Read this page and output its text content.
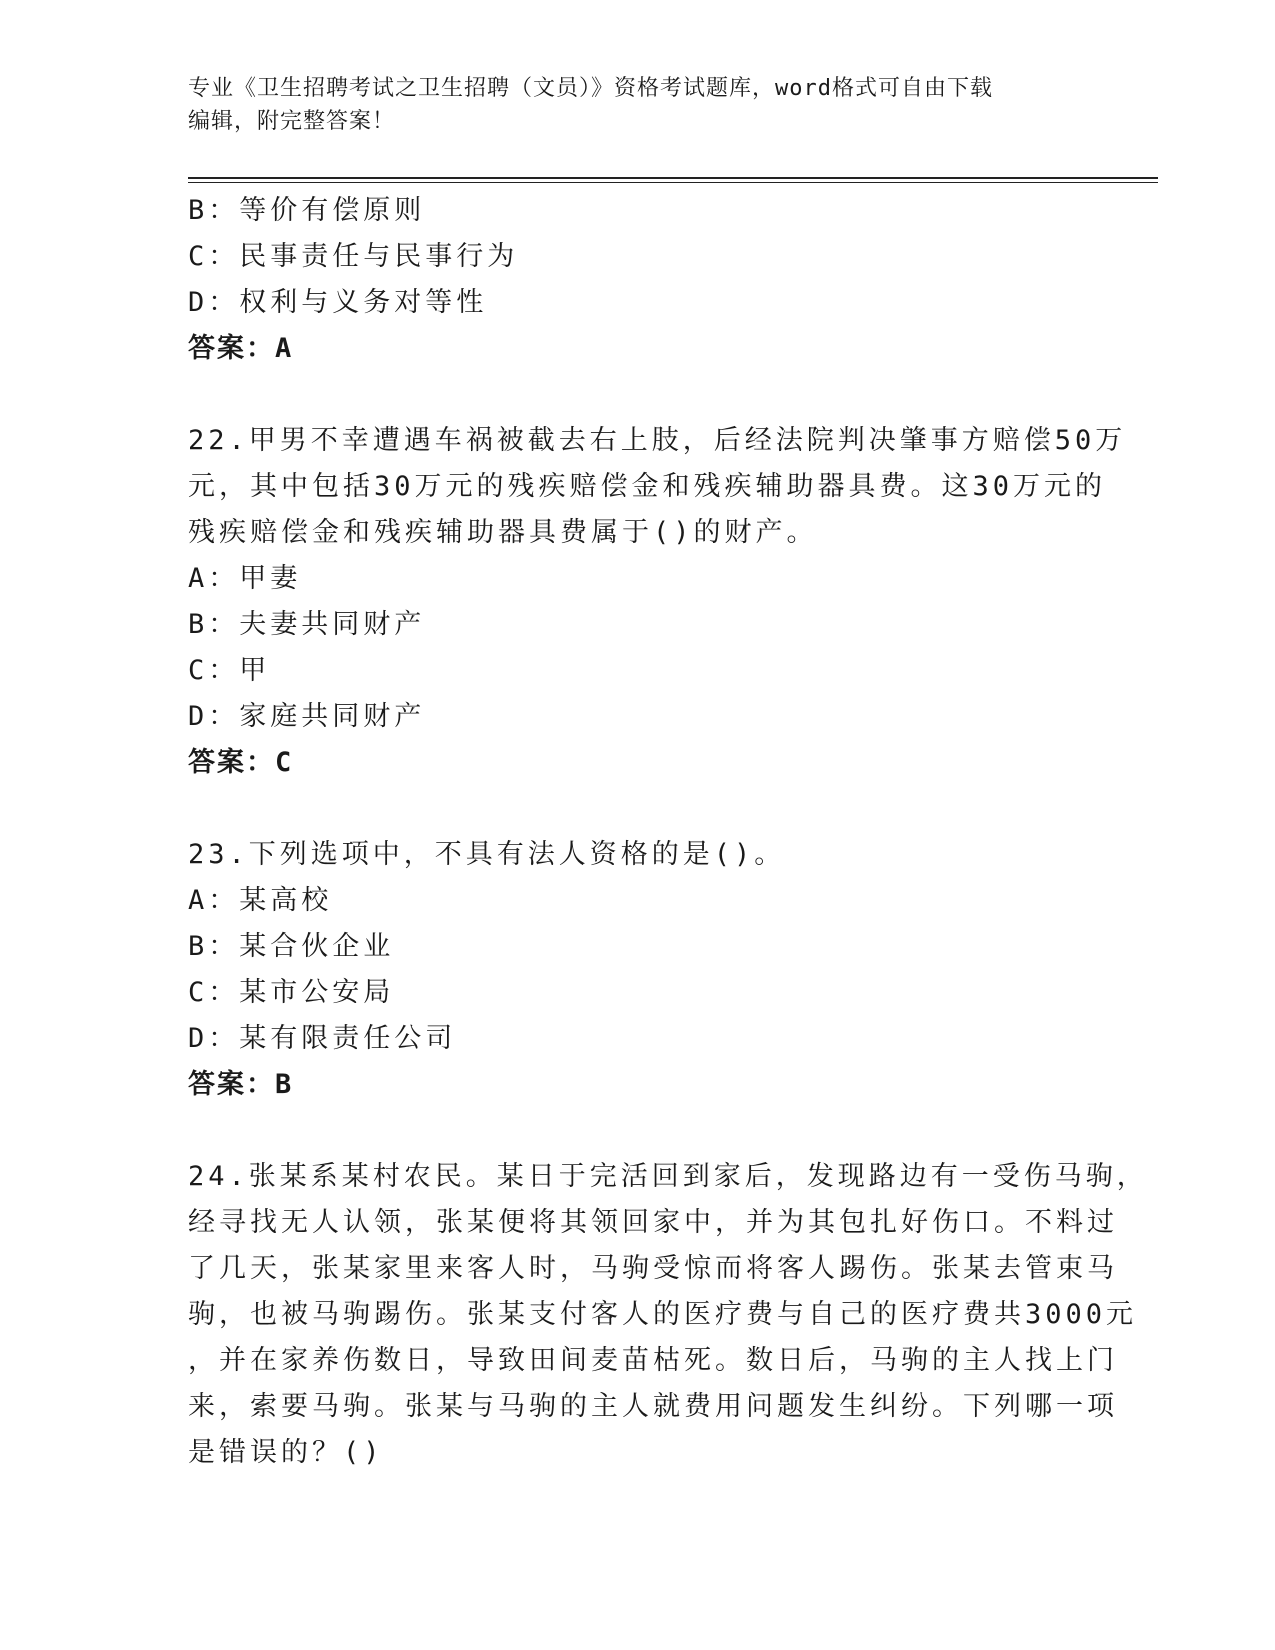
专业《卫生招聘考试之卫生招聘（文员）》资格考试题库，word格式可自由下载
编辑，附完整答案！
B：等价有偿原则
C：民事责任与民事行为
D：权利与义务对等性
答案：A
22.甲男不幸遭遇车祸被截去右上肢，后经法院判决肇事方赔偿50万
元，其中包括30万元的残疾赔偿金和残疾辅助器具费。这30万元的
残疾赔偿金和残疾辅助器具费属于()的财产。
A：甲妻
B：夫妻共同财产
C：甲
D：家庭共同财产
答案：C
23.下列选项中，不具有法人资格的是()。
A：某高校
B：某合伙企业
C：某市公安局
D：某有限责任公司
答案：B
24.张某系某村农民。某日于完活回到家后，发现路边有一受伤马驹，
经寻找无人认领，张某便将其领回家中，并为其包扎好伤口。不料过
了几天，张某家里来客人时，马驹受惊而将客人踢伤。张某去管束马
驹，也被马驹踢伤。张某支付客人的医疗费与自己的医疗费共3000元
，并在家养伤数日，导致田间麦苗枯死。数日后，马驹的主人找上门
来，索要马驹。张某与马驹的主人就费用问题发生纠纷。下列哪一项
是错误的？()
